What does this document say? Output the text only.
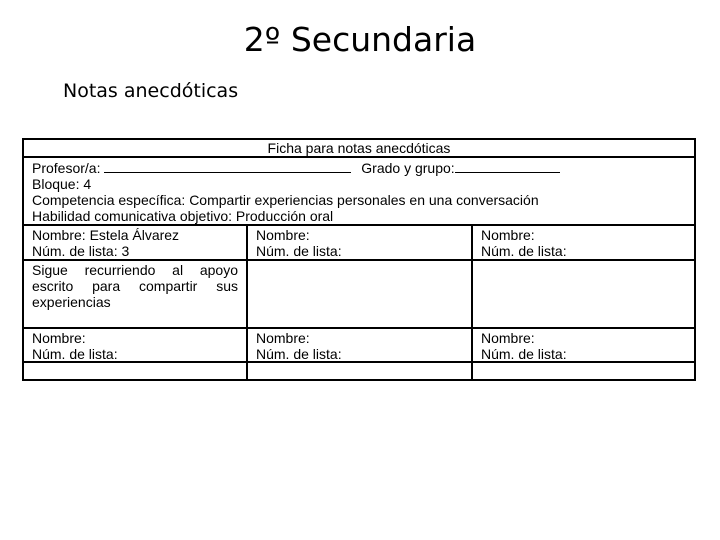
2º Secundaria
Notas anecdóticas
Ficha para notas anecdóticas
Profesor/a:	Grado y grupo:
Bloque: 4
Competencia específica: Compartir experiencias personales en una conversación
Habilidad comunicativa objetivo: Producción oral
Nombre: Estela Álvarez
Núm. de lista: 3
Nombre:
Núm. de lista:
Nombre:
Núm. de lista:
Sigue recurriendo al apoyo escrito para compartir sus experiencias
Nombre:
Núm. de lista:
Nombre:
Núm. de lista:
Nombre:
Núm. de lista:
